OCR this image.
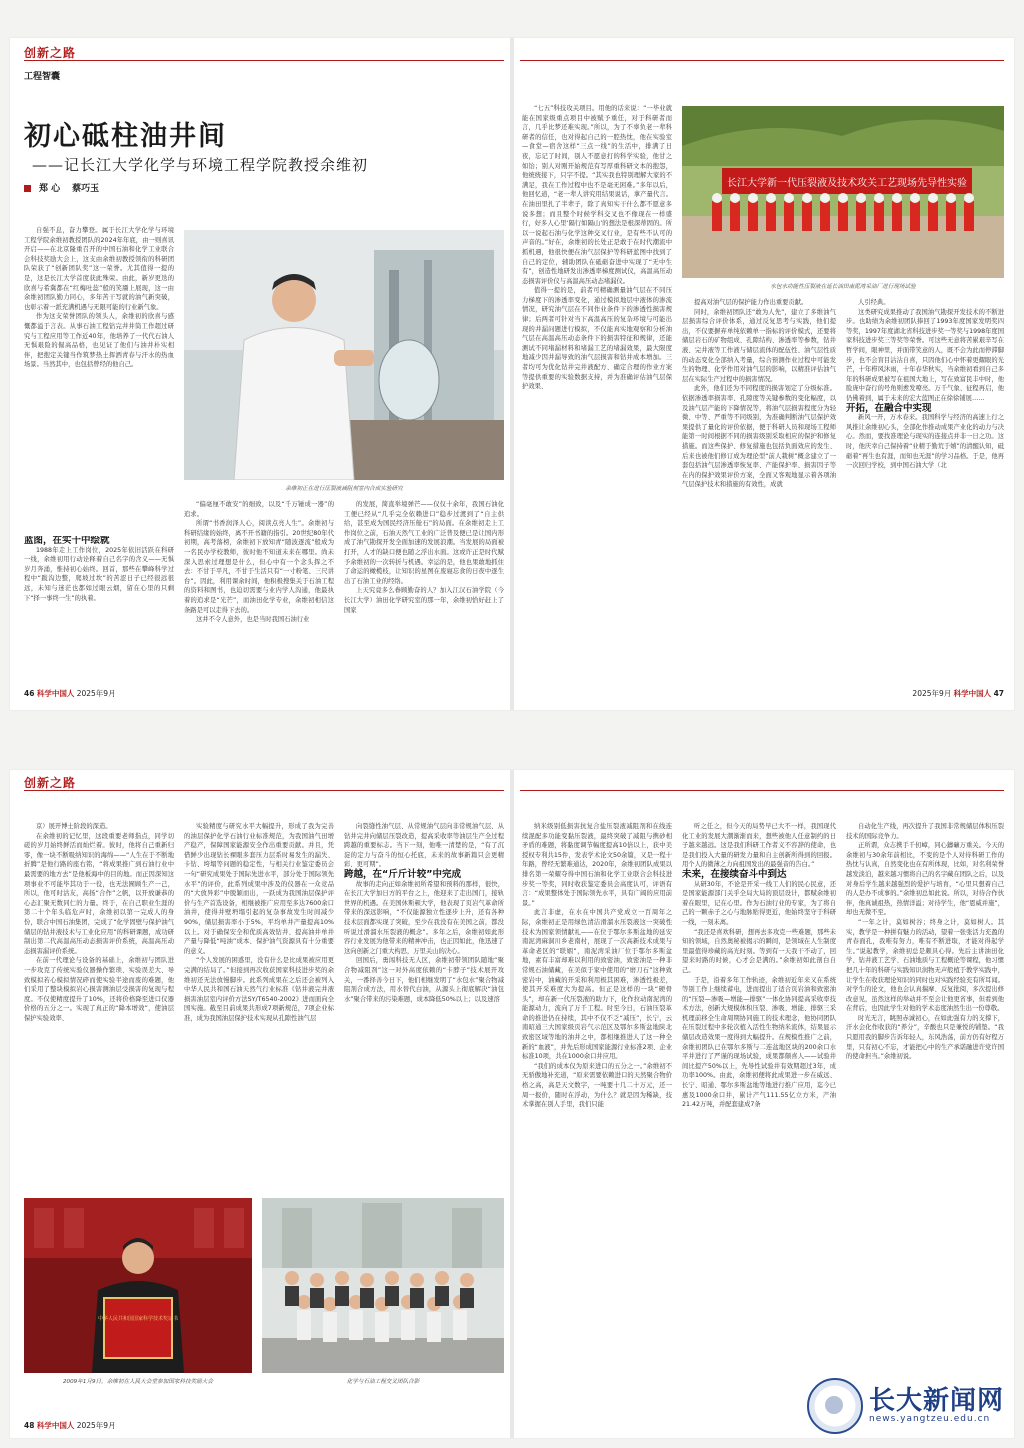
创新之路
工程智囊
初心砥柱油井间
——记长江大学化学与环境工程学院教授余维初
郑 心 蔡巧玉

自强不息，奋力攀登。属于长江大学化学与环境工程学院余维初教授团队的2024年年底，由一则喜讯开启——在北京隆重召开的中国石油和化学工业联合会科技奖励大会上，这支由余维初教授领衔的科研团队荣获了“创新团队奖”这一荣誉。尤其值得一提的是，这是长江大学首度获此殊荣。由此，新岁更迭的欣喜与希冀都在“红梅吐蕊”般的笑靥上展现，这一由余维初团队勤力同心，多年苦干写就的油气新突破，也彰示着一派充满机遇与无限可能的行业新气象。

作为这支荣誉团队的领头人，余维初的欣喜与感慨都溢于言表。从事石油工程钻完井井筒工作超过研究与工程应用等工作近40年，他培养了一代代石油人无惧艰险的倔高品格，也见证了他们与油井朴实相伴，把抱定关键当作筑梦热土挥洒青春与汗水的热血场景。当然其中，也包括曾经的他自己。

蓝图，在实干中绘就

1988年走上工作岗位，2025年依旧活跃在科研一线，余维初用行动诠释着自己名字的含义——无惧岁月奔涌，惟持初心始终。回首，那些在攀峰科学过程中“跋沟边整，爬坡过坎”的苦涩日子已经很远很远，未知与迷茫也都如过眼云烟，留在心里的只剩下“择一事终一生”的执着。

余维初正在进行压裂液减阻剂室内合成实验研究

“偏毫厘不敢安”的细致，以及“千万锤成一器”的追求。

所谓“书香润泽人心，阅读点亮人生”。余维初与科研结缘的始终，离不开书籍的指引。20世纪80年代初期，高考落榜，余维初下放知青“随波逐流”般成为一名民办学校教师，彼时他不知道未来在哪里。尚未深入思索过理想是什么，但心中有一个念头挥之不去：不甘于平凡，不甘于生活只有“一寸粉笔、三尺讲台”。因此，利用课余时间，他积极搜集关于石油工程的资料和图书，也迫切需要与业内学人沟通，他最执着的追求是“光芒”，而油田化学专业，余维初相信这条路是可以走得下去的。

这并不令人意外，也是当时我国石油行业

的发展，简直举境弹芒——仅仅十余年，我国石油化工便已经从“几乎完全依赖进口”稳步过渡到了“自主供给，甚至成为国民经济压舱石”的局面。在余维初走上工作岗位之前，石油天然气工业的广泛普及便已是让国内形成了油气勘探开发全面加速的发展浪潮。当发展的局面被打开，人才的缺口便也随之浮出水面。这或许正是时代赋予余维初的一次转折与机遇。幸运的是，他也果敢地抓住了命运的橄榄枝，让知识的星图在废寝忘食的日夜中逐生出了石油工业的经络。

上天究竟多么眷顾勤奋的人？加入江汉石油学院（今长江大学）油田化学研究室的那一年，余维初恰好赶上了国家

46 科学中国人 2025年9月

“七五”科技攻关项目。用他的话来说：“一毕业就能在国家级重点项目中被赋予重任，对于科研者而言，几乎比梦还难实现。”所以，为了不辜负老一辈科研者的信任，也对得起自己的一腔热忱，他在实验室—食堂—宿舍这样“三点一线”的生活中，排满了日夜，忘记了时间，别人不愿意打的科学实验，他甘之如饴；别人对刚开始规范有写厚重科研文本的抱怨，他统统接下，只字不提。“其实我也特别理解大家的不满足，我在工作过程中也不是毫无困难。”多年以后，他回忆道，“老一辈人讲究用结果说话，拿产量代言。在油田里扎了半辈子，除了真知实干什么都不愿意多说多想；而且整个时候学科交叉也不像现在一样盛行，好多人心里‘隔行如隔山’的想法是根深蒂固的。所以一说起石油与化学这种交叉行业，是有些不认可的声音的。”好在，余维初的长处正是敢于在时代潮流中抓机遇，他很快便在油气层保护等科研蓝图中找到了自己的定位，辅助团队在砥砺奋进中实现了“无中生有”，创造性地研发出渗透率梯度测试仪，高温高压动态损害评价仪与高温高压动态堵漏仪。

值得一提的是，前者可精确测量油气层在不同压力梯度下的渗透率变化，通过模拟地层中液体的渗流情况，研究油气层在不同作业条件下的渗透性损害规律；后两者可针对当下高温高压的复杂环境与可能出现的井漏问题进行模拟，不仅能真实地观察和分析油气层在高温高压动态条件下的损害特征和规律，还能测试不同堵漏材料和堵漏工艺的堵漏效果，最大限度地减少因井漏导致的油气层损害和钻井成本增加。三者均可为优化钻井完井液配方、确定合理的作业方案等提供重要的实验数据支持，并为准确评估油气层保护效果、

长江大学新一代压裂液及技术攻关工艺现场先导性实验
水包水功能性压裂液在延长油田南泥湾采油厂进行现场试验

提高对油气层的保护能力作出重要贡献。

同时，余维初团队还“敢为人先”，建立了多维油气层损害综合评价体系，通过反复思考与实践，他们提出，不仅要摒弃单纯依赖单一指标的评价模式，还要将储层岩石的矿物组成、孔隙结构、渗透率等参数，钻井液、完井液等工作液与储层流体的配伍性、油气层性质的动态变化全部纳入考量，综合预测作业过程中可能发生的物理、化学作用对油气层的影响，以精准评估油气层在实际生产过程中的损害情况。

此外，他们还为不同程度的损害划定了分级标准。依据渗透率损害率、孔隙度等关键参数的变化幅度，以及油气层产能的下降情况等，将油气层损害程度分为轻微、中等、严重等不同级别，为准确判断油气层保护效果提供了量化的评价依据，便于科研人员和现场工程师能第一时间根据不同的损害级别采取相应的保护和修复措施。而这些保护、修复措施也包括负面效应的发生、后来也被他们修订成为理论型“前人栽树”概念建立了一套包括油气层渗透率恢复率、产能保护率、损害因子等在内的保护效果评价方案，全面又客观地显示着各项油气层保护技术和措施的有效性，成就

人引经典。

这类研究成果推动了我国油气勘探开发技术的不断进步。也助绩为余维初团队捧回了1993年度国家发明奖四等奖，1997年度湖北省科技进步奖一等奖与1998年度国家科技进步奖三等奖等荣誉。可这些无意将苦累艰辛写在哲学间，眼神里，并面带笑意的人，既不会为此而停滞脚步，也不会盲目沾沾自喜，只因他们心中怀着更耀眼的光芒，十年栉风沐雨，十年春华秋实，当余维初看到自己多年的科研成果被写在祖国大地上，写在致富民丰中时，他脸庞中奋行的号角则愈发嘹亮。万千气象、征程再启，他仍佛着到，属于未来的宏大蓝图正在徐徐铺展……

开拓，在融合中实现

新风一开，万木春来。我国科学与经济的高速上行之风推让余维初心头，全部化作推动成果产业化的动力与决心。然而，要找准理论与现实的连接点并非一日之功。这时，他庆幸自己保持着“业精于勤荒于嬉”的清醒认知，砥砺着“再生也有涯，而知也无涯”的学习品格。于是，他再一次回归学校，到中国石油大学（北

2025年9月 科学中国人 47
创新之路

京）展开博士阶段的深造。

在余维初的记忆里，这段重要老师指点，同学切磋的岁月始终鲜活而灿烂着。彼时，他将自己重新归零，像一块不断吸纳知识的海绵——“人生在于不断地折腾”是他行路的座右铭，“将成果推广到石油行业中最需要的地方去”是他板海中的目的地。而正因深知这项事业不可能毕其功于一役，也无法囿顾生产一己，所以，他可时沽友，高扬“合作”之帆，以开放谦恭的心态汇聚无数同仁的力量。终于，在自己职业生涯的第二十个年头临危声时，余维初以第一完成人的身份，联合中国石油集团，完成了“化学固壁与保护油气储层的钻井液技术与工业化应用”的科研课题，成功研制出第二代高温高压动态损害评价系统，高温高压动态损害漏评价系统。

在前一代理论与设备的基础上，余维初与团队进一步攻克了传统实验仪器操作繁琐、实验误差大、导致模拟若心模拟情况碎而使实验半途而废的难题，他们采用了整块模拟岩心损害测油层受损害的复现与程度。不仅使精度提升了10%，还将价格降至进口仪器价格的五分之一。实现了真正的“降本增效”，使油层保护实验效率、

实验精度与研究水平大幅提升，形成了我为完善的油层保护化学石油行业标准规范，为我国油气田增产稳产，保障国家能源安全作出重要贡献。并且，凭借鲜少出现钻长裸眼多套压力层系时易发生的漏失、卡钻、垮塌等问题的稳定性，与相关行业鉴定委员会一句“研究成果处于国际先进水平，部分处于国际领先水平”的评价，此系列成果中涉及的仪器在一众竞品的“大放异彩”中脱颖而出，一跃成为我国油层保护评价与生产首选设备，相继被推广应用至多达7600余口油井，使得井壁坍塌引起的复杂事故发生时间减少90%，储层损害率小于5%，平均单井产量提高10%以上。对于确保安全和优质高效钻井、提高油井单井产量与降低“吨油”成本、保护油气资源具有十分重要的意义。

“个人发展的困惑里，没有什么是比成果被应用更完满的结局了。”但接到再次收获国家科技进步奖的余维初还无法放慢脚步。此系列成果在之后还会被列入中华人民共和国石油天然气行业标准《钻井液完井液损害油层室内评价方法SY/T6540-2002》进而面向全国实施。截至目前成果共形成7项新规范，7项企业标准，成为我国油层保护技术实现从孔隙性油气层

向裂缝性油气层、从常规油气层向非常规油气层、从钻井完井向储层压裂改造，提高采收率等油层生产全过程跨越的重要标志。当下一刻，他唯一清楚的是，“有了沉淀的定力与奋斗的恒心托底，未来的故事新篇只会更精彩、更可期”。

跨越，在“斤斤计较”中完成

故事的走向正如余维初所希望和预料的那样，很快，在长江大学加日方的平台之上，他迎来了走出国门，接轨世界的机遇。在美国休斯顿大学，他表现了页岩气革命所带来的深远影响，“不仅能源独立性逐步上升，还有各种技术层面都实现了突破，至少在我没有在美国之前，都没听说过滑溜水压裂液的概念”。多年之后，余维初如此形容行业发展为他带来的精神冲击，也正因如此，他迅速了这向创新之门重大构思，万里关山的决心。

回国后，勇闯科技无人区，余维初带领团队随地“聚合物减阻剂”这一对外高度依赖的“卡脖子”技术展开攻关，一番择善今日下，他们相继发明了“水包水”聚合物减阻剂合成方法，用水替代白油，从源头上彻底解决“油包水”聚合带来的污染难题，成本降低50%以上；以及速溶

中华人民共和国国家科学技术奖证书
2009年1月9日，余维初在人民大会堂参加国家科技奖励大会	化学与石油工程交叉团队合影
48 科学中国人 2025年9月

纳米级别低损害抗复合盐压裂液减阻剂和在线连续混配多功能变黏压裂液，最终突破了减阻与携砂相矛盾的难题，将黏度调节幅度提高10倍以上，获中美授权专利共15件，发表学术论文50余篇，又是一程十年路，曾经无繁难通达，2020年，余维初团队成果以排名第一荣耀夺得中国石油和化学工业联合会科技进步奖一等奖，同时收获鉴定委员会高度认可，评语有言：“成果整体处于国际领先水平，具有广阔的应用前景。”

此言非虚，在水在中国共产党成立一百周年之际，余维初正是用绿色清洁滑溜水压裂液这一突破性技术为国家领情献礼——在位于鄂尔多斯盆地的延安南泥湾麻洞川乡老南村，展现了一次高新技术成果与革命老区的“联姻”，南泥湾采油厂位于鄂尔多斯盆地，素有丰富却难以利用的致密油，致密油是一种非常规石油储藏，在美似于家中使用的“磨刀石”这种致密岩中，油藏的开采和利用极其困难，渗透性极差，使其开采难度大为提高。但正是这样的一块“硬骨头”，却在新一代压裂液的助力下，化作拉动南泥湾的能源动力，流向了万千工程。时至今日，石油压裂革命的推进仍在持续，其中不仅不乏“减压”，长宁，云南昭通三大国家级页岩气示范区及鄂尔多斯盆地陕北致密区域等地的油井之中，都相继推进人了这一种全新的“血液”，并先后形成国家能源行业标准2项、企业标准10项，共在1000余口井应用。

“我们的成本仅为原来进口的五分之一。”余维初不无骄傲地补充道，“原来需要依赖进口的天然聚合物价格之高，高是天文数字，一吨要十几二十万元，还一周一报价，随时在浮动，为什么？就是因为稀缺，技术掌握在别人手里，我们只能

听之任之，但今天的局势早已大不一样，我国现代化工业的发展大潮渐渐而来，想些被他人任意制约的日子越来越远。这是我们科研工作者义不容辞的使命，也是我们投入大量的研发力量和自主创新所得到的回报。用个人的微薄之力向祖国发出的最强音的告白。”

未来，在接续奋斗中到达

从研30年，不论是开采一线工人们的民心民意，还是国家能源部门关乎全局大局的顶层设计，都赋余维初着在眼里，记在心里。作为石油行业的专家，为了将自己的一颗赤子之心与地脉贴得更近，他始终坚守于科研一线，一刻未离。

“我还是喜欢科研，想再去多攻克一些难题，那些未知的领域，自然奥秘被揭示的瞬间，是领域在人生制度里最值得珍藏的高光时刻。等到有一天我干不动了，回望来时路的时候，心才会是满的。”余维初如此剖白自己。

于是，沿着多年工作轨迹，余维初近年来又在系统等别工作上继续蓄电，进而提出了适合页岩油和致密油的“压裂—渗吸—增能—排驱”一体化协同提高采收率技术方法，创新大规模体积压裂、渗吸、增能、排驱三采机理前移全生命周期协同施工的技术理念，他协同团队在压裂过程中多轮次植入活性生物纳米流体，结果显示储层改造效果一度得到大幅提升。在规模性推广之前，余维初团队已在鄂尔多斯与二连盆地区块的200余口水平井进行了严谨的现场试验，成果都颇喜人——试验井间比提产50%以上，先导性试验井有效期超过3年，成功率100%。由此，余维初便将此成果进一步在威远、长宁、昭通、鄂尔多斯盆地等地进行推广应用，迄今已惠及1000余口井，累计产气111.55亿立方米，产油21.42万吨，并配套建成7条

自动化生产线，再次提升了我国非常规储层体积压裂技术的国际竞争力。

正所谓，众志携手千仞嶂，同心鑄礦万重关。今天的余维初与30余年前相比，不变的是个人对待科研工作的热忱与认真，自然变化也在有所体现，比如，对名利荣誉越发淡泊，越来越习惯将自己的名字藏在团队之后，以及对身后学生越来越强烈的爱护与培育，“心里只想着自己的人是办不成事的。”余维初总如此说。所以，对待合作伙伴，他真诚祖热，热情洋溢；对待学生，他“恩威并施”，却也无微不至。

“一年之计，莫如树谷；终身之计，莫如树人。其实，教学是一种拼有魅力的活动，望着一张张活力充盈的青春面孔，我唯有努力，唯有不断进取，才能对得起学生。”说起教学，余维初总是颇具心得。先后主讲油田化学、钻井液工艺学、石油地质与工程概论等课程，他习惯把几十年的科研与实践知识润物无声般植于教学实践中，让学生在收获理论知识的同时也对实践经验充有所耳闻。对学生的论文，他也会认真揣摩、反复批阅，多次提出修改意见，虽然这样的举动并不至会让他更省事，但看到他在背后，也因此学生对他的学术态度油然生出一份尊敬。

时光无言，眺照赤诚初心，在如此强有力的支撑下，汗水会化作收获的“养分”，辛酸也只是兼悦的铺垫。“我只愿用我的脚步告诉年轻人，东风浩荡，前方仍有好程万里，只有初心不忘，才能把心中的生产承诺融进许党许国的使命担当。”余维初说。

长大新闻网
news.yangtzeu.edu.cn
